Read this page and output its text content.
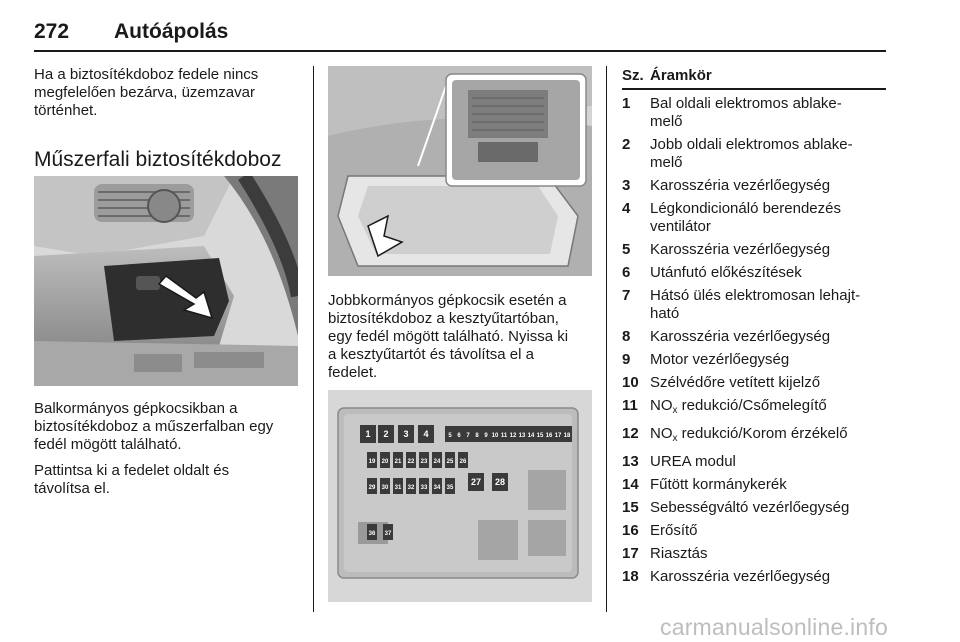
272 Autóápolás

Ha a biztosítékdoboz fedele nincs

megfelelően bezárva, üzemzavar

történhet.

Műszerfali biztosítékdoboz

Balkormányos gépkocsikban a

biztosítékdoboz a műszerfalban egy

fedél mögött található.

Pattintsa ki a fedelet oldalt és

távolítsa el.

Jobbkormányos gépkocsik esetén a

biztosítékdoboz a kesztyűtartóban,

egy fedél mögött található. Nyissa ki

a kesztyűtartót és távolítsa el a

fedelet.

1 2 3 4	5 6 7 8 9 10 11 12 13 14 15 16 17 18
19 20 21 22 23 24 25 26
27 28
29 30 31 32 33 34 35
36 37
Sz. Áramkör
1	Bal oldali elektromos ablake-
melő
2	Jobb oldali elektromos ablake-
melő
3	Karosszéria vezérlőegység
4	Légkondicionáló berendezés
ventilátor
5	Karosszéria vezérlőegység
6	Utánfutó előkészítések
7	Hátsó ülés elektromosan lehajt-
ható
8	Karosszéria vezérlőegység
9	Motor vezérlőegység
10 Szélvédőre vetített kijelző
11 $NO_x$ redukció/Csőmelegítő
12 $NO_x$ redukció/Korom érzékelő
13 UREA modul
14 Fűtött kormánykerék
15 Sebességváltó vezérlőegység
16 Erősítő
17 Riasztás
18 Karosszéria vezérlőegység
carmanualsonline.info
